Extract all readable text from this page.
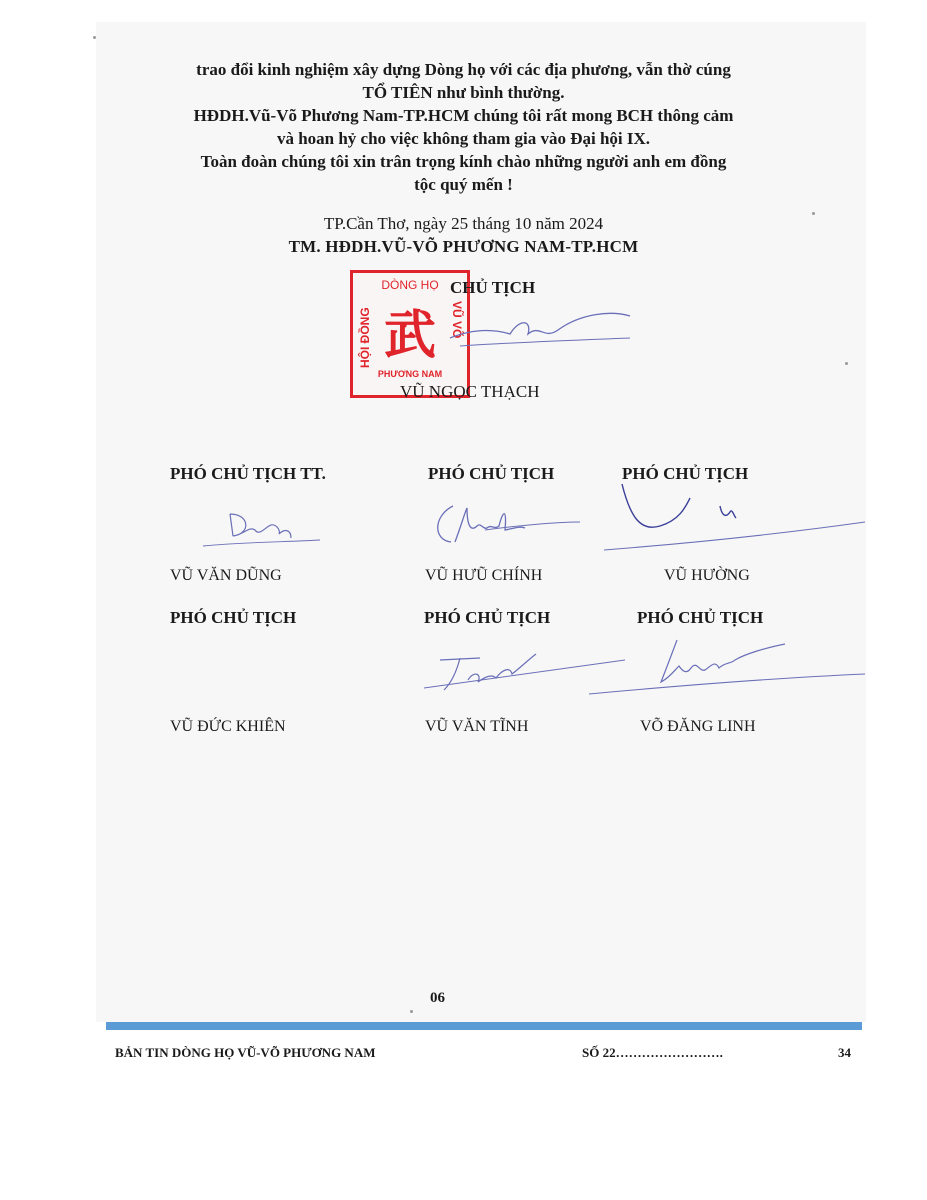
trao đổi kinh nghiệm xây dựng Dòng họ với các địa phương, vẫn thờ cúng

TỔ TIÊN như bình thường.

HĐDH.Vũ-Võ Phương Nam-TP.HCM chúng tôi rất mong BCH thông cảm

và hoan hỷ cho việc không tham gia vào Đại hội IX.

Toàn đoàn chúng tôi xin trân trọng kính chào những người anh em đồng

tộc quý mến !

TP.Cần Thơ, ngày 25 tháng 10 năm 2024

TM. HĐDH.VŨ-VÕ PHƯƠNG NAM-TP.HCM

DÒNG HỌ
HỘI ĐỒNG	VŨ VÕ
武
PHƯƠNG NAM
CHỦ TỊCH
VŨ NGỌC THẠCH
PHÓ CHỦ TỊCH TT.	PHÓ CHỦ TỊCH	PHÓ CHỦ TỊCH
VŨ VĂN DŨNG	VŨ HƯŨ CHÍNH	VŨ HƯỜNG
PHÓ CHỦ TỊCH	PHÓ CHỦ TỊCH	PHÓ CHỦ TỊCH
VŨ ĐỨC KHIÊN	VŨ VĂN TĨNH	VÕ ĐĂNG LINH
06
BẢN TIN DÒNG HỌ VŨ-VÕ PHƯƠNG NAM	SỐ 22…………………….	34
